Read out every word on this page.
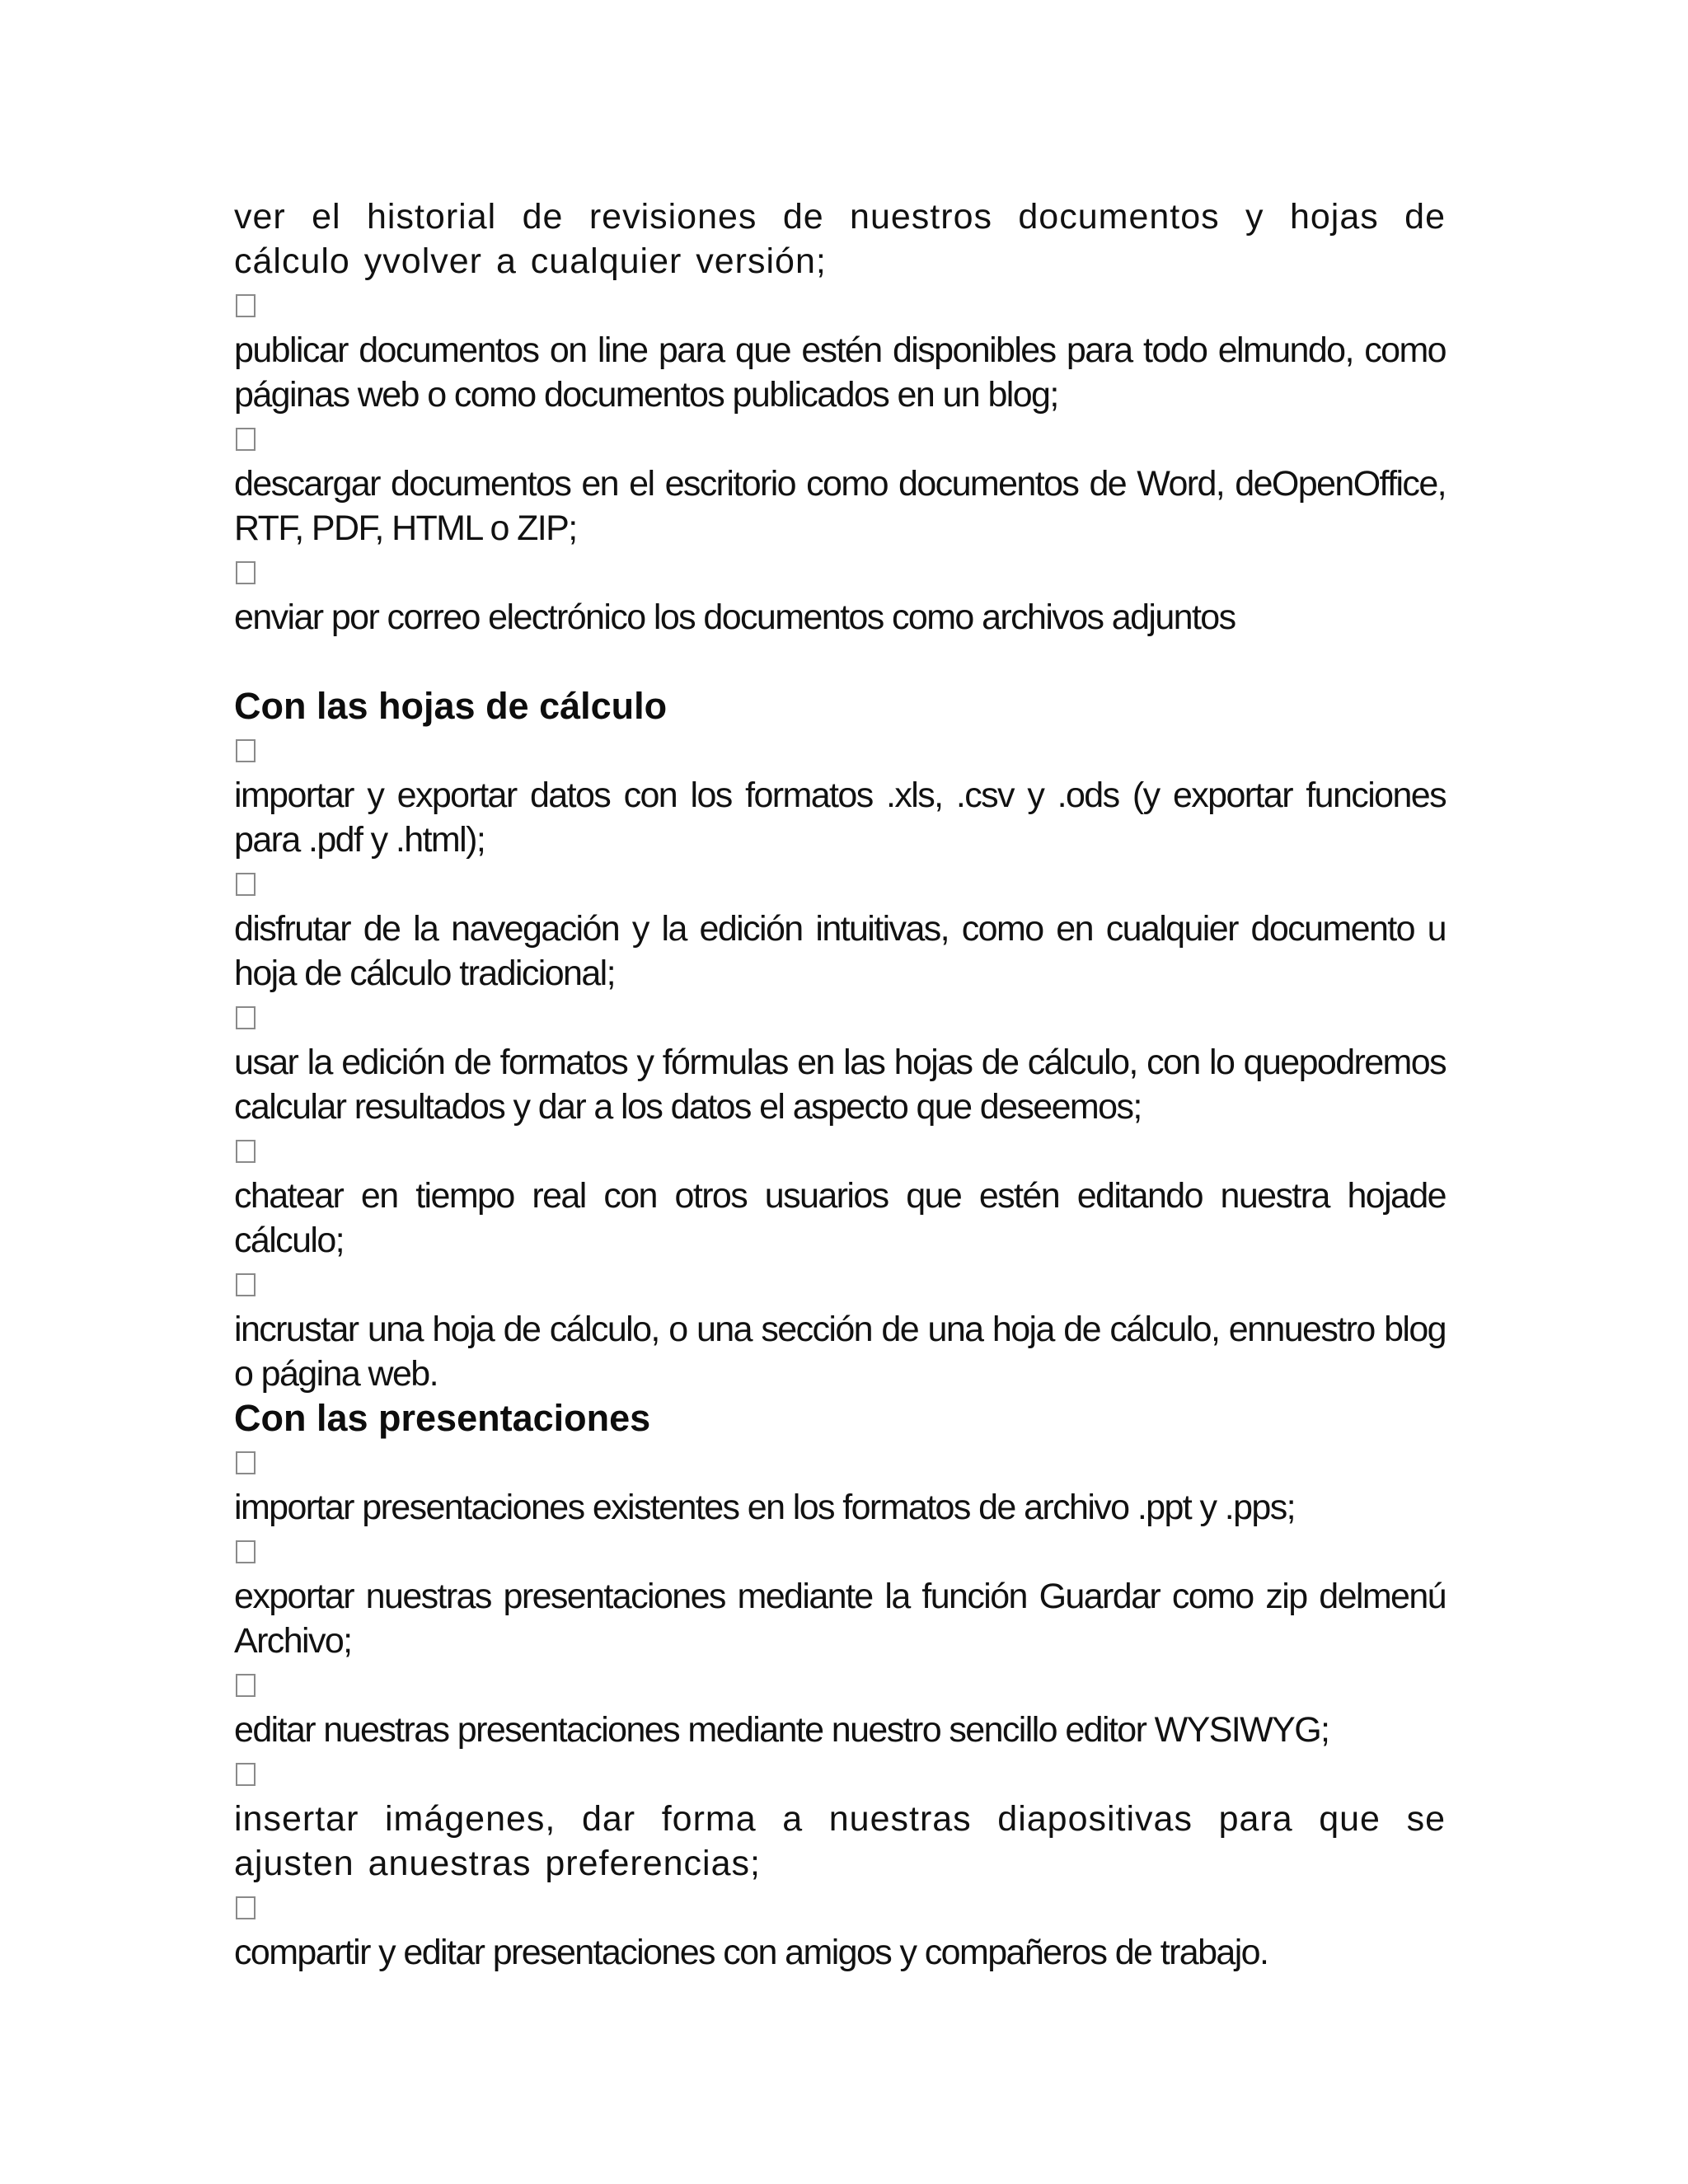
ver el historial de revisiones de nuestros documentos y hojas de cálculo yvolver a cualquier versión;

publicar documentos on line para que estén disponibles para todo elmundo, como páginas web o como documentos publicados en un blog;

descargar documentos en el escritorio como documentos de Word, deOpenOffice, RTF, PDF, HTML o ZIP;

enviar por correo electrónico los documentos como archivos adjuntos

Con las hojas de cálculo

importar y exportar datos con los formatos .xls, .csv y .ods (y exportar funciones para .pdf y .html);

disfrutar de la navegación y la edición intuitivas, como en cualquier documento u hoja de cálculo tradicional;

usar la edición de formatos y fórmulas en las hojas de cálculo, con lo quepodremos calcular resultados y dar a los datos el aspecto que deseemos;

chatear en tiempo real con otros usuarios que estén editando nuestra hojade cálculo;

incrustar una hoja de cálculo, o una sección de una hoja de cálculo, ennuestro blog o página web.

Con las presentaciones

importar presentaciones existentes en los formatos de archivo .ppt y .pps;

exportar nuestras presentaciones mediante la función Guardar como zip delmenú Archivo;

editar nuestras presentaciones mediante nuestro sencillo editor WYSIWYG;

insertar imágenes, dar forma a nuestras diapositivas para que se ajusten anuestras preferencias;

compartir y editar presentaciones con amigos y compañeros de trabajo.
